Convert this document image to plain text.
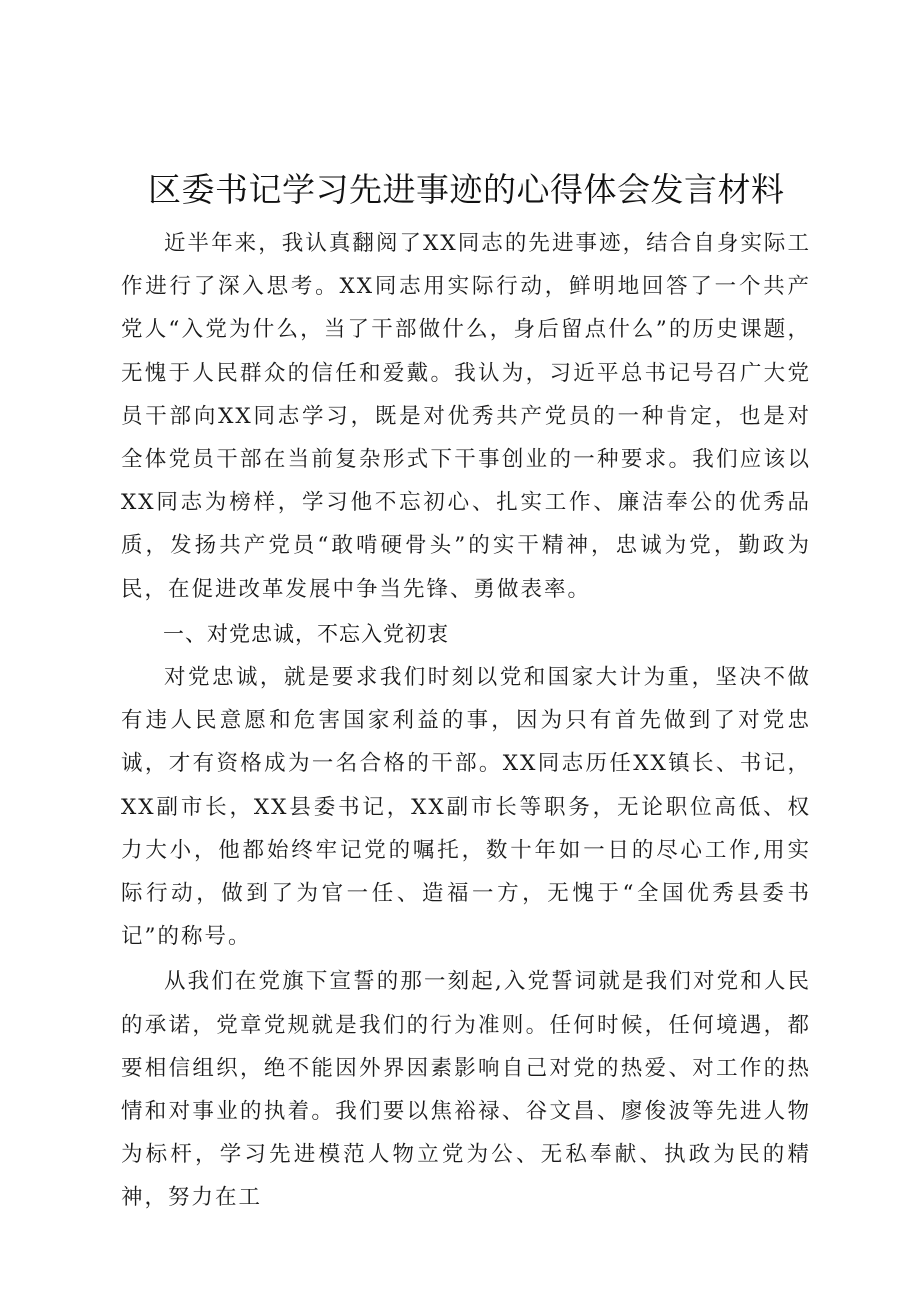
区委书记学习先进事迹的心得体会发言材料

近半年来，我认真翻阅了XX同志的先进事迹，结合自身实际工作进行了深入思考。XX同志用实际行动，鲜明地回答了一个共产党人“入党为什么，当了干部做什么，身后留点什么”的历史课题，无愧于人民群众的信任和爱戴。我认为，习近平总书记号召广大党员干部向XX同志学习，既是对优秀共产党员的一种肯定，也是对全体党员干部在当前复杂形式下干事创业的一种要求。我们应该以XX同志为榜样，学习他不忘初心、扎实工作、廉洁奉公的优秀品质，发扬共产党员“敢啃硬骨头”的实干精神，忠诚为党，勤政为民，在促进改革发展中争当先锋、勇做表率。

一、对党忠诚，不忘入党初衷

对党忠诚，就是要求我们时刻以党和国家大计为重，坚决不做有违人民意愿和危害国家利益的事，因为只有首先做到了对党忠诚，才有资格成为一名合格的干部。XX同志历任XX镇长、书记，XX副市长，XX县委书记，XX副市长等职务，无论职位高低、权力大小，他都始终牢记党的嘱托，数十年如一日的尽心工作,用实际行动，做到了为官一任、造福一方，无愧于“全国优秀县委书记”的称号。

从我们在党旗下宣誓的那一刻起,入党誓词就是我们对党和人民的承诺，党章党规就是我们的行为准则。任何时候，任何境遇，都要相信组织，绝不能因外界因素影响自己对党的热爱、对工作的热情和对事业的执着。我们要以焦裕禄、谷文昌、廖俊波等先进人物为标杆，学习先进模范人物立党为公、无私奉献、执政为民的精神，努力在工
